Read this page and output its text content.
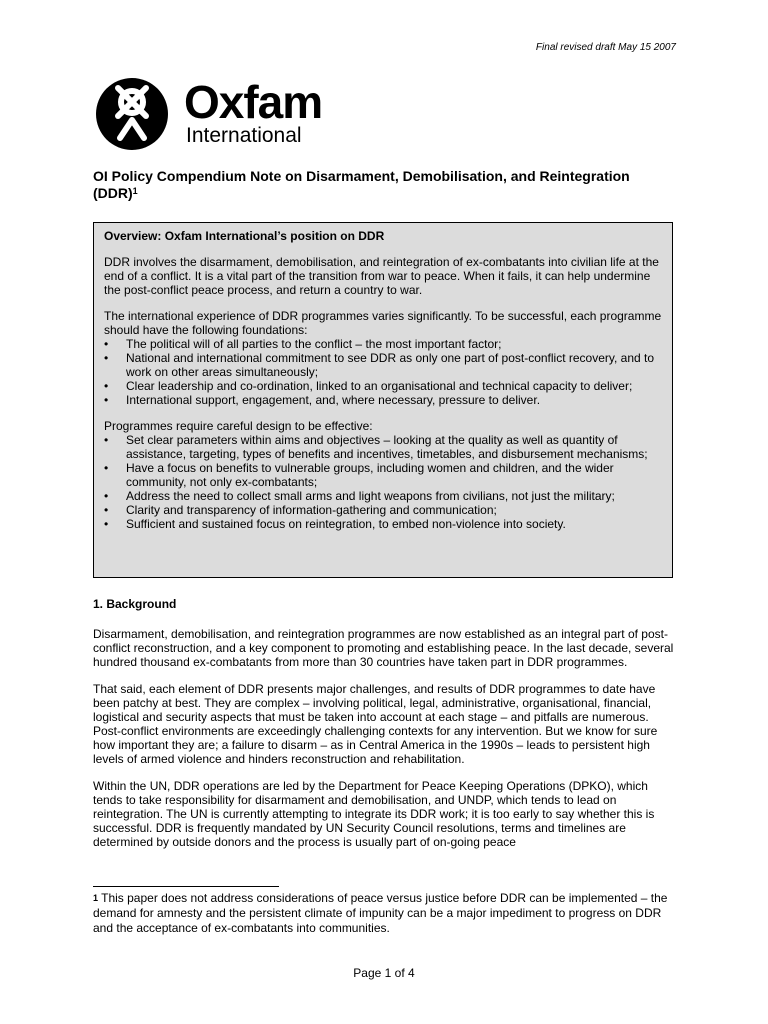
Final revised draft May 15 2007
Oxfam
International
OI Policy Compendium Note on Disarmament, Demobilisation, and Reintegration (DDR)$^1$
Overview: Oxfam International’s position on DDR

DDR involves the disarmament, demobilisation, and reintegration of ex-combatants into civilian life at the end of a conflict. It is a vital part of the transition from war to peace. When it fails, it can help undermine the post-conflict peace process, and return a country to war.

The international experience of DDR programmes varies significantly. To be successful, each programme should have the following foundations:

• The political will of all parties to the conflict – the most important factor;
• National and international commitment to see DDR as only one part of post-conflict recovery, and to work on other areas simultaneously;
• Clear leadership and co-ordination, linked to an organisational and technical capacity to deliver;
• International support, engagement, and, where necessary, pressure to deliver.

Programmes require careful design to be effective:

• Set clear parameters within aims and objectives – looking at the quality as well as quantity of assistance, targeting, types of benefits and incentives, timetables, and disbursement mechanisms;
• Have a focus on benefits to vulnerable groups, including women and children, and the wider community, not only ex-combatants;
• Address the need to collect small arms and light weapons from civilians, not just the military;
• Clarity and transparency of information-gathering and communication;
• Sufficient and sustained focus on reintegration, to embed non-violence into society.
1. Background

Disarmament, demobilisation, and reintegration programmes are now established as an integral part of post-conflict reconstruction, and a key component to promoting and establishing peace. In the last decade, several hundred thousand ex-combatants from more than 30 countries have taken part in DDR programmes.

That said, each element of DDR presents major challenges, and results of DDR programmes to date have been patchy at best. They are complex – involving political, legal, administrative, organisational, financial, logistical and security aspects that must be taken into account at each stage – and pitfalls are numerous. Post-conflict environments are exceedingly challenging contexts for any intervention. But we know for sure how important they are; a failure to disarm – as in Central America in the 1990s – leads to persistent high levels of armed violence and hinders reconstruction and rehabilitation.

Within the UN, DDR operations are led by the Department for Peace Keeping Operations (DPKO), which tends to take responsibility for disarmament and demobilisation, and UNDP, which tends to lead on reintegration. The UN is currently attempting to integrate its DDR work; it is too early to say whether this is successful. DDR is frequently mandated by UN Security Council resolutions, terms and timelines are determined by outside donors and the process is usually part of on-going peace

$^1$ This paper does not address considerations of peace versus justice before DDR can be implemented – the demand for amnesty and the persistent climate of impunity can be a major impediment to progress on DDR and the acceptance of ex-combatants into communities.

Page 1 of 4
